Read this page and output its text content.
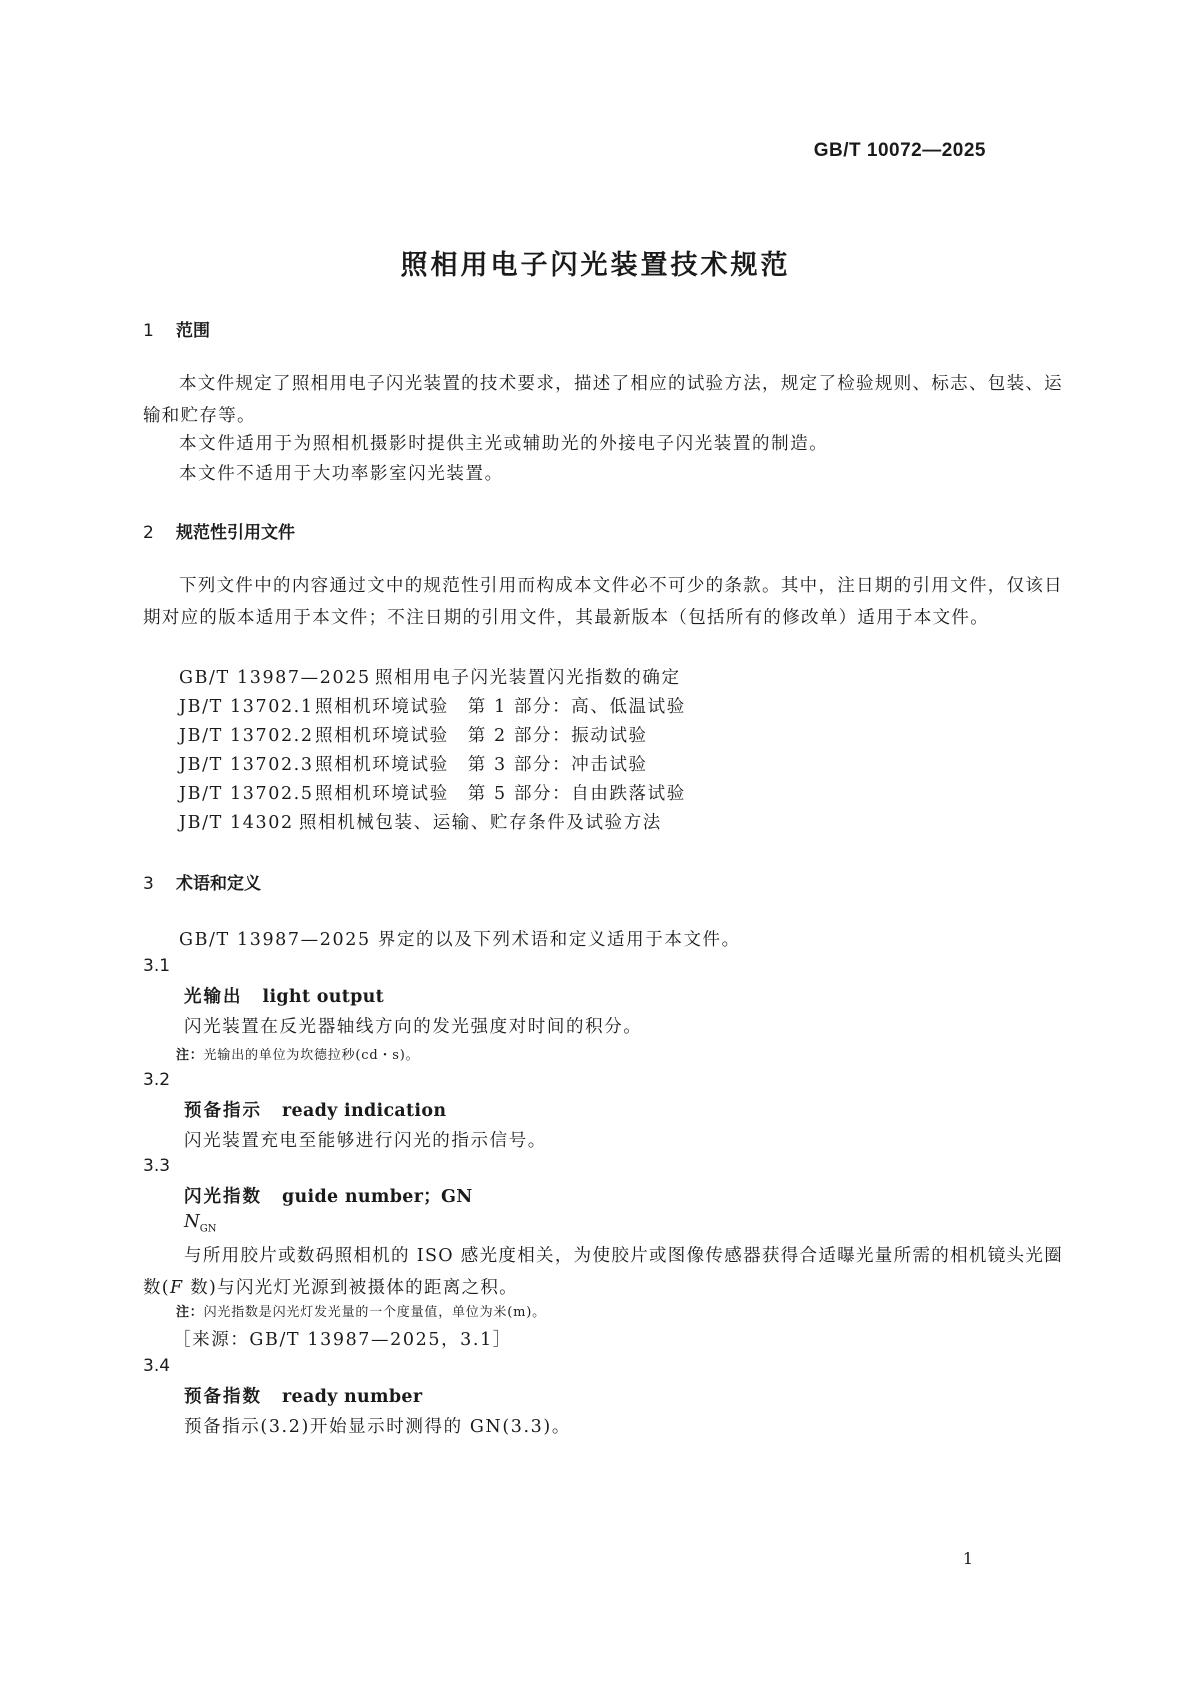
GB/T 10072—2025
照相用电子闪光装置技术规范
1 范围
本文件规定了照相用电子闪光装置的技术要求，描述了相应的试验方法，规定了检验规则、标志、包装、运输和贮存等。
本文件适用于为照相机摄影时提供主光或辅助光的外接电子闪光装置的制造。
本文件不适用于大功率影室闪光装置。
2 规范性引用文件
下列文件中的内容通过文中的规范性引用而构成本文件必不可少的条款。其中，注日期的引用文件，仅该日期对应的版本适用于本文件；不注日期的引用文件，其最新版本（包括所有的修改单）适用于本文件。
GB/T 13987—2025 照相用电子闪光装置闪光指数的确定
JB/T 13702.1照相机环境试验　第 1 部分：高、低温试验
JB/T 13702.2照相机环境试验　第 2 部分：振动试验
JB/T 13702.3照相机环境试验　第 3 部分：冲击试验
JB/T 13702.5照相机环境试验　第 5 部分：自由跌落试验
JB/T 14302 照相机械包装、运输、贮存条件及试验方法
3 术语和定义
GB/T 13987—2025 界定的以及下列术语和定义适用于本文件。
3.1
光输出 light output
闪光装置在反光器轴线方向的发光强度对时间的积分。
注：光输出的单位为坎德拉秒(cd・s)。
3.2
预备指示 ready indication
闪光装置充电至能够进行闪光的指示信号。
3.3
闪光指数 guide number；GN
$N_{GN}$
与所用胶片或数码照相机的 ISO 感光度相关，为使胶片或图像传感器获得合适曝光量所需的相机镜头光圈数(F 数)与闪光灯光源到被摄体的距离之积。
注：闪光指数是闪光灯发光量的一个度量值，单位为米(m)。
［来源：GB/T 13987—2025，3.1］
3.4
预备指数 ready number
预备指示(3.2)开始显示时测得的 GN(3.3)。
1
